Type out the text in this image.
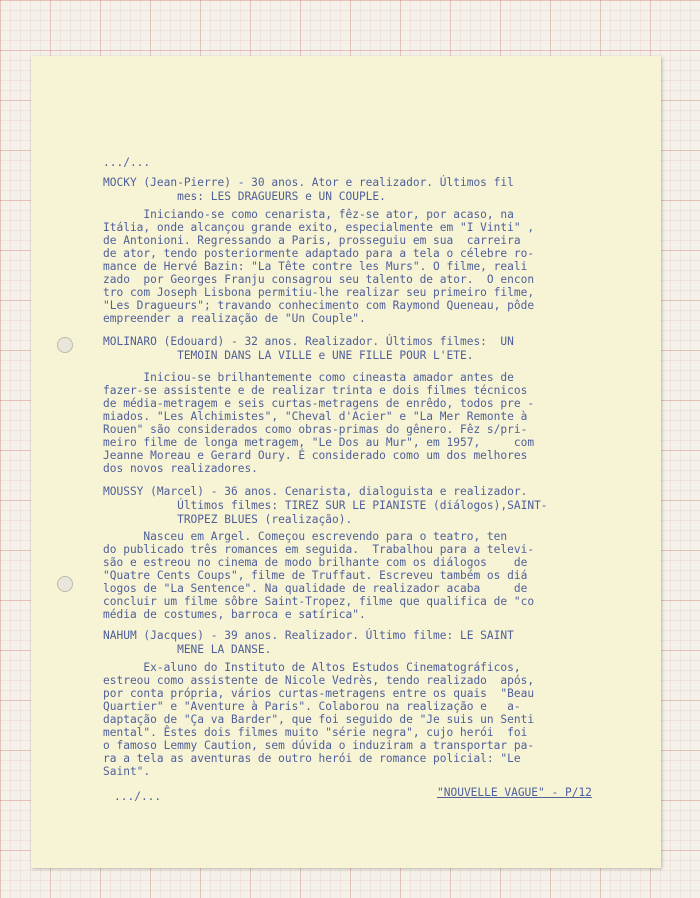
.../...

MOCKY (Jean-Pierre) - 30 anos. Ator e realizador. Últimos fil

mes: LES DRAGUEURS e UN COUPLE.

Iniciando-se como cenarista, fêz-se ator, por acaso, na

Itália, onde alcançou grande exito, especialmente em "I Vinti" ,

de Antonioni. Regressando a Paris, prosseguiu em sua  carreira

de ator, tendo posteriormente adaptado para a tela o célebre ro-

mance de Hervé Bazin: "La Tête contre les Murs". O filme, reali

zado  por Georges Franju consagrou seu talento de ator.  O encon

tro com Joseph Lisbona permitiu-lhe realizar seu primeiro filme,

"Les Dragueurs"; travando conhecimento com Raymond Queneau, pôde

empreender a realização de "Un Couple".

MOLINARO (Edouard) - 32 anos. Realizador. Últimos filmes:  UN

TEMOIN DANS LA VILLE e UNE FILLE POUR L'ETE.

Iniciou-se brilhantemente como cineasta amador antes de

fazer-se assistente e de realizar trinta e dois filmes técnicos

de média-metragem e seis curtas-metragens de enrêdo, todos pre -

miados. "Les Alchimistes", "Cheval d'Acier" e "La Mer Remonte à

Rouen" são considerados como obras-primas do gênero. Fêz s/pri-

meiro filme de longa metragem, "Le Dos au Mur", em 1957,     com

Jeanne Moreau e Gerard Oury. É considerado como um dos melhores

dos novos realizadores.

MOUSSY (Marcel) - 36 anos. Cenarista, dialoguista e realizador.

Últimos filmes: TIREZ SUR LE PIANISTE (diálogos),SAINT-

TROPEZ BLUES (realização).

Nasceu em Argel. Começou escrevendo para o teatro, ten

do publicado três romances em seguida.  Trabalhou para a televi-

são e estreou no cinema de modo brilhante com os diálogos    de

"Quatre Cents Coups", filme de Truffaut. Escreveu também os diá

logos de "La Sentence". Na qualidade de realizador acaba     de

concluir um filme sôbre Saint-Tropez, filme que qualifica de "co

média de costumes, barroca e satírica".

NAHUM (Jacques) - 39 anos. Realizador. Último filme: LE SAINT

MENE LA DANSE.

Ex-aluno do Instituto de Altos Estudos Cinematográficos,

estreou como assistente de Nicole Vedrès, tendo realizado  após,

por conta própria, vários curtas-metragens entre os quais  "Beau

Quartier" e "Aventure à Paris". Colaborou na realização e   a-

daptação de "Ça va Barder", que foi seguido de "Je suis un Senti

mental". Êstes dois filmes muito "série negra", cujo herói  foi

o famoso Lemmy Caution, sem dúvida o induziram a transportar pa-

ra a tela as aventuras de outro herói de romance policial: "Le

Saint".

.../...	"NOUVELLE VAGUE" - P/12
